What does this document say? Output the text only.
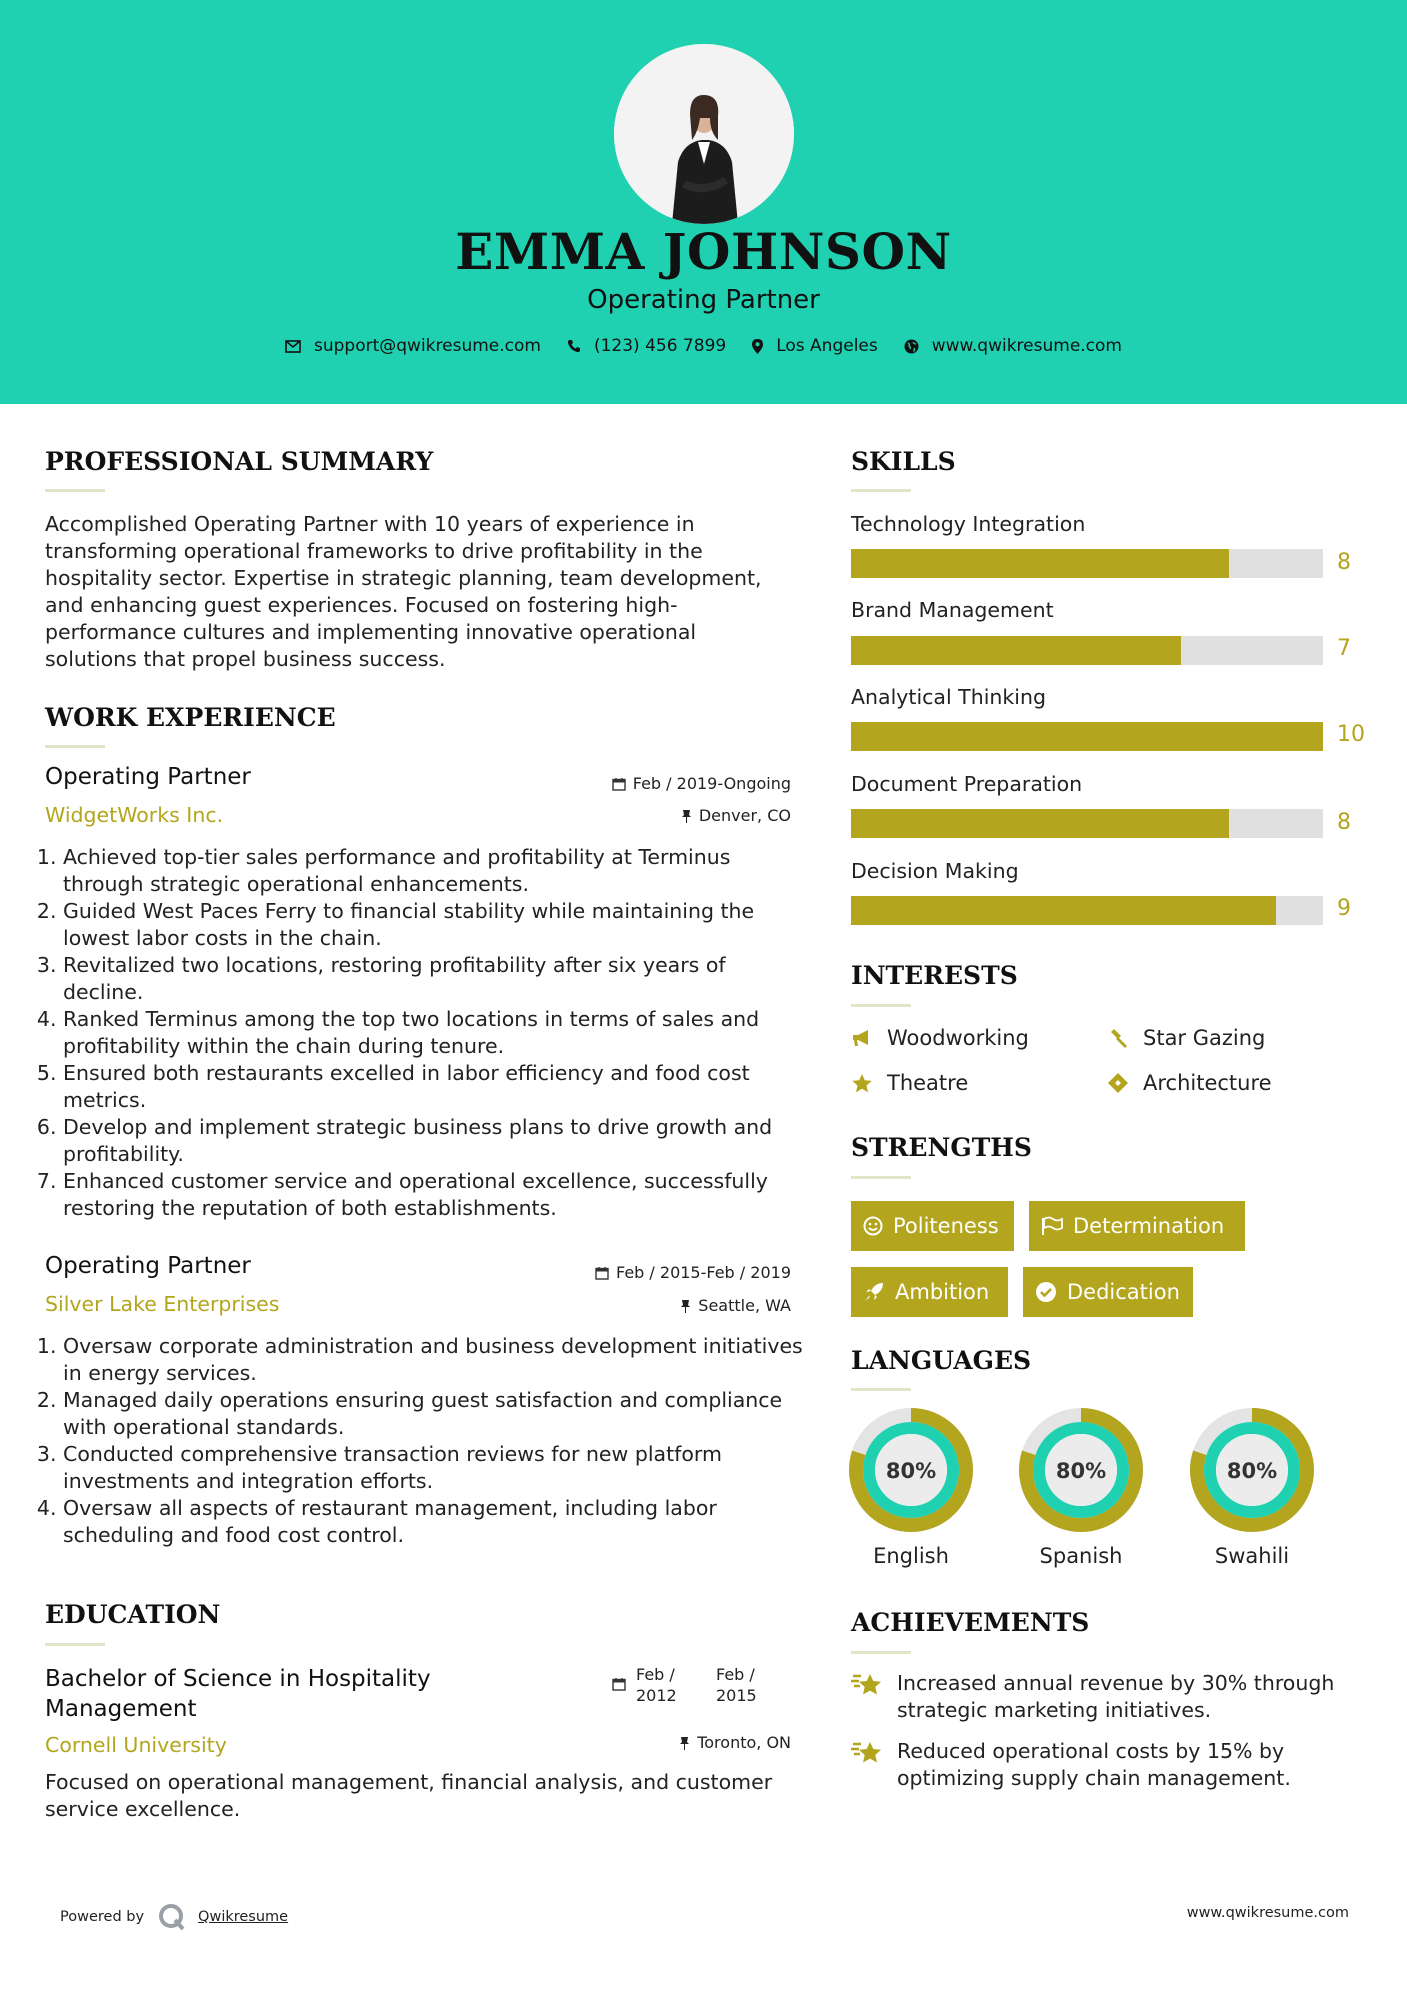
EMMA JOHNSON
Operating Partner
support@qwikresume.com	(123) 456 7899	Los Angeles	www.qwikresume.com
PROFESSIONAL SUMMARY
Accomplished Operating Partner with 10 years of experience in transforming operational frameworks to drive profitability in the hospitality sector. Expertise in strategic planning, team development, and enhancing guest experiences. Focused on fostering high-performance cultures and implementing innovative operational solutions that propel business success.
WORK EXPERIENCE
Operating Partner
WidgetWorks Inc.
Feb / 2019-Ongoing
Denver, CO
1. Achieved top-tier sales performance and profitability at Terminus through strategic operational enhancements.
2. Guided West Paces Ferry to financial stability while maintaining the lowest labor costs in the chain.
3. Revitalized two locations, restoring profitability after six years of decline.
4. Ranked Terminus among the top two locations in terms of sales and profitability within the chain during tenure.
5. Ensured both restaurants excelled in labor efficiency and food cost metrics.
6. Develop and implement strategic business plans to drive growth and profitability.
7. Enhanced customer service and operational excellence, successfully restoring the reputation of both establishments.
Operating Partner
Silver Lake Enterprises
Feb / 2015-Feb / 2019
Seattle, WA
1. Oversaw corporate administration and business development initiatives in energy services.
2. Managed daily operations ensuring guest satisfaction and compliance with operational standards.
3. Conducted comprehensive transaction reviews for new platform investments and integration efforts.
4. Oversaw all aspects of restaurant management, including labor scheduling and food cost control.
EDUCATION
Bachelor of Science in Hospitality Management
Feb / 2012
Feb / 2015
Cornell University	Toronto, ON
Focused on operational management, financial analysis, and customer service excellence.
SKILLS
Technology Integration
8
Brand Management
7
Analytical Thinking
10
Document Preparation
8
Decision Making
9
INTERESTS
Woodworking	Star Gazing
Theatre	Architecture
STRENGTHS
Politeness	Determination
Ambition	Dedication
LANGUAGES
80%
English
80%
Spanish
80%
Swahili
ACHIEVEMENTS
Increased annual revenue by 30% through strategic marketing initiatives.
Reduced operational costs by 15% by optimizing supply chain management.
Powered by	Qwikresume	www.qwikresume.com
